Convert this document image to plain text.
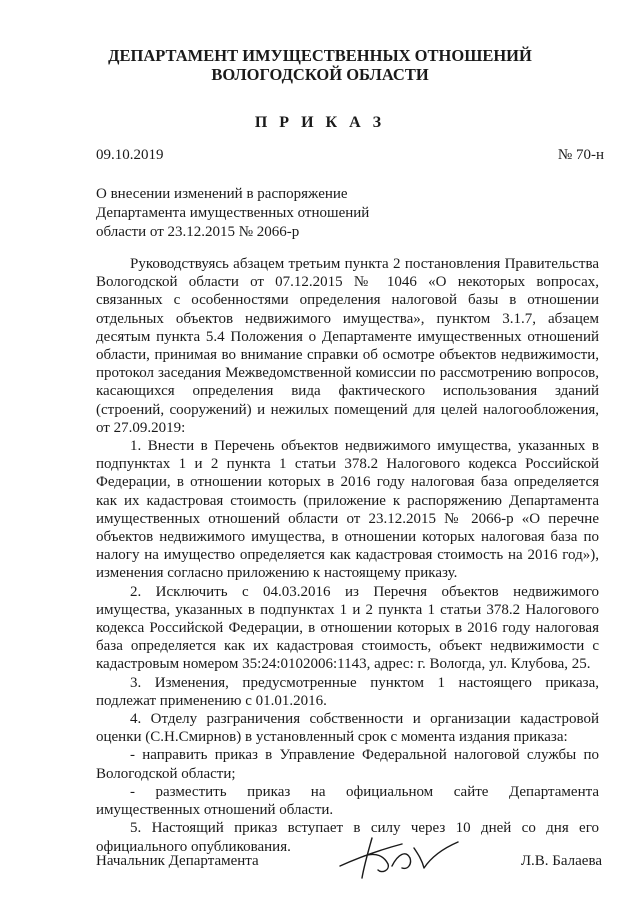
ДЕПАРТАМЕНТ ИМУЩЕСТВЕННЫХ ОТНОШЕНИЙ
ВОЛОГОДСКОЙ ОБЛАСТИ
П Р И К А З
09.10.2019	№ 70-н
О внесении изменений в распоряжение
Департамента имущественных отношений
области от 23.12.2015 № 2066-р

Руководствуясь абзацем третьим пункта 2 постановления Правительства Вологодской области от 07.12.2015 № 1046 «О некоторых вопросах, связанных с особенностями определения налоговой базы в отношении отдельных объектов недвижимого имущества», пунктом 3.1.7, абзацем десятым пункта 5.4 Положения о Департаменте имущественных отношений области, принимая во внимание справки об осмотре объектов недвижимости, протокол заседания Межведомственной комиссии по рассмотрению вопросов, касающихся определения вида фактического использования зданий (строений, сооружений) и нежилых помещений для целей налогообложения, от 27.09.2019:

1. Внести в Перечень объектов недвижимого имущества, указанных в подпунктах 1 и 2 пункта 1 статьи 378.2 Налогового кодекса Российской Федерации, в отношении которых в 2016 году налоговая база определяется как их кадастровая стоимость (приложение к распоряжению Департамента имущественных отношений области от 23.12.2015 № 2066-р «О перечне объектов недвижимого имущества, в отношении которых налоговая база по налогу на имущество определяется как кадастровая стоимость на 2016 год»), изменения согласно приложению к настоящему приказу.

2. Исключить с 04.03.2016 из Перечня объектов недвижимого имущества, указанных в подпунктах 1 и 2 пункта 1 статьи 378.2 Налогового кодекса Российской Федерации, в отношении которых в 2016 году налоговая база определяется как их кадастровая стоимость, объект недвижимости с кадастровым номером 35:24:0102006:1143, адрес: г. Вологда, ул. Клубова, 25.

3. Изменения, предусмотренные пунктом 1 настоящего приказа, подлежат применению с 01.01.2016.

4. Отделу разграничения собственности и организации кадастровой оценки (С.Н.Смирнов) в установленный срок с момента издания приказа:

- направить приказ в Управление Федеральной налоговой службы по Вологодской области;

- разместить приказ на официальном сайте Департамента имущественных отношений области.

5. Настоящий приказ вступает в силу через 10 дней со дня его официального опубликования.

Начальник Департамента	Л.В. Балаева
